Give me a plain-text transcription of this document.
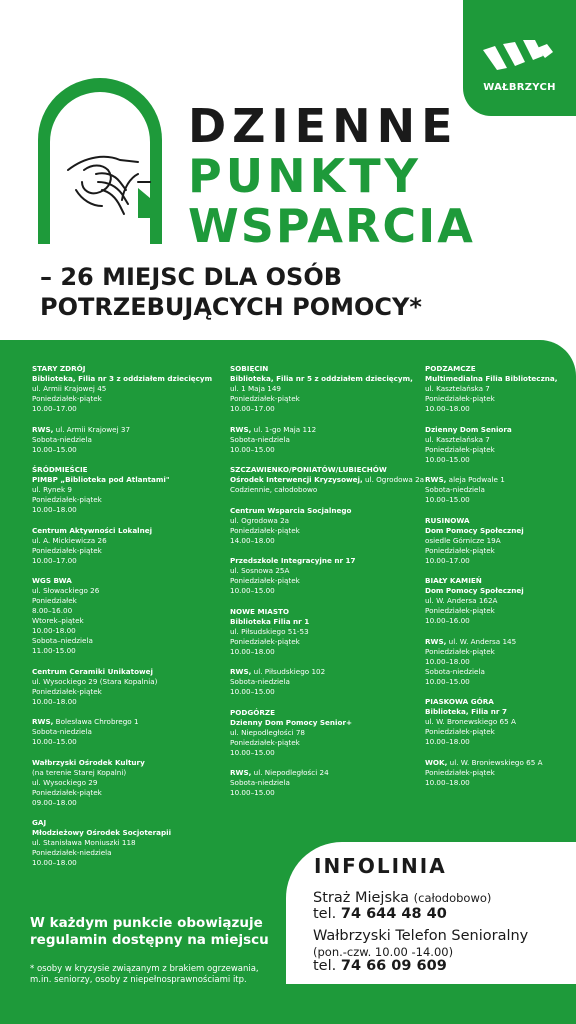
WAŁBRZYCH
DZIENNE
PUNKTY
WSPARCIA
– 26 MIEJSC DLA OSÓB
POTRZEBUJĄCYCH POMOCY*
STARY ZDRÓJ
Biblioteka, Filia nr 3 z oddziałem dziecięcym
ul. Armii Krajowej 45
Poniedziałek-piątek
10.00–17.00
RWS, ul. Armii Krajowej 37
Sobota-niedziela
10.00–15.00
ŚRÓDMIEŚCIE
PIMBP „Biblioteka pod Atlantami"
ul. Rynek 9
Poniedziałek-piątek
10.00–18.00
Centrum Aktywności Lokalnej
ul. A. Mickiewicza 26
Poniedziałek-piątek
10.00–17.00
WGS BWA
ul. Słowackiego 26
Poniedziałek
8.00–16.00
Wtorek–piątek
10.00-18.00
Sobota–niedziela
11.00-15.00
Centrum Ceramiki Unikatowej
ul. Wysockiego 29 (Stara Kopalnia)
Poniedziałek-piątek
10.00–18.00
RWS, Bolesława Chrobrego 1
Sobota-niedziela
10.00–15.00
Wałbrzyski Ośrodek Kultury
(na terenie Starej Kopalni)
ul. Wysockiego 29
Poniedziałek-piątek
09.00–18.00
GAJ
Młodzieżowy Ośrodek Socjoterapii
ul. Stanisława Moniuszki 118
Poniedziałek-niedziela
10.00–18.00
SOBIĘCIN
Biblioteka, Filia nr 5 z oddziałem dziecięcym,
ul. 1 Maja 149
Poniedziałek-piątek
10.00–17.00
RWS, ul. 1-go Maja 112
Sobota-niedziela
10.00–15.00
SZCZAWIENKO/PONIATÓW/LUBIECHÓW
Ośrodek Interwencji Kryzysowej, ul. Ogrodowa 2a
Codziennie, całodobowo
Centrum Wsparcia Socjalnego
ul. Ogrodowa 2a
Poniedziałek-piątek
14.00–18.00
Przedszkole Integracyjne nr 17
ul. Sosnowa 25A
Poniedziałek-piątek
10.00–15.00
NOWE MIASTO
Biblioteka Filia nr 1
ul. Piłsudskiego 51-53
Poniedziałek-piątek
10.00–18.00
RWS, ul. Piłsudskiego 102
Sobota-niedziela
10.00–15.00
PODGÓRZE
Dzienny Dom Pomocy Senior+
ul. Niepodległości 78
Poniedziałek-piątek
10.00–15.00
RWS, ul. Niepodległości 24
Sobota-niedziela
10.00–15.00
PODZAMCZE
Multimedialna Filia Biblioteczna,
ul. Kasztelańska 7
Poniedziałek-piątek
10.00–18.00
Dzienny Dom Seniora
ul. Kasztelańska 7
Poniedziałek-piątek
10.00–15.00
RWS, aleja Podwale 1
Sobota-niedziela
10.00–15.00
RUSINOWA
Dom Pomocy Społecznej
osiedle Górnicze 19A
Poniedziałek-piątek
10.00–17.00
BIAŁY KAMIEŃ
Dom Pomocy Społecznej
ul. W. Andersa 162A
Poniedziałek-piątek
10.00–16.00
RWS, ul. W. Andersa 145
Poniedziałek-piątek
10.00–18.00
Sobota-niedziela
10.00–15.00
PIASKOWA GÓRA
Biblioteka, Filia nr 7
ul. W. Bronewskiego 65 A
Poniedziałek-piątek
10.00–18.00
WOK, ul. W. Broniewskiego 65 A
Poniedziałek-piątek
10.00–18.00
W każdym punkcie obowiązuje
regulamin dostępny na miejscu
* osoby w kryzysie związanym z brakiem ogrzewania,
m.in. seniorzy, osoby z niepełnosprawnościami itp.
INFOLINIA
Straż Miejska (całodobowo)
tel. 74 644 48 40
Wałbrzyski Telefon Senioralny
(pon.-czw. 10.00 -14.00)
tel. 74 66 09 609
